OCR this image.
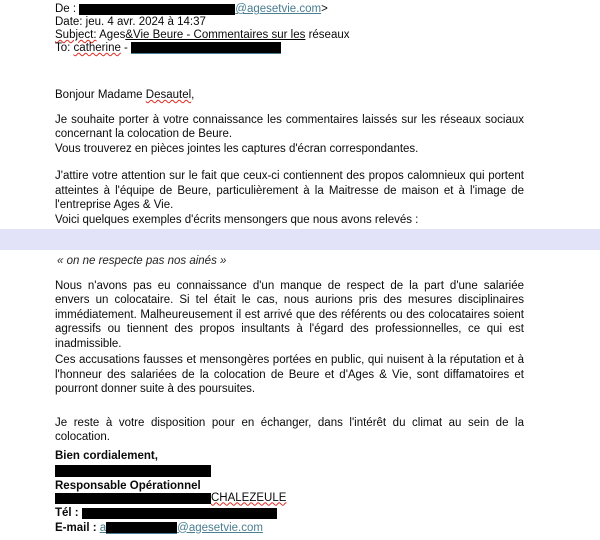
De :	@agesetvie.com>
Date: jeu. 4 avr. 2024 à 14:37
Subject: Ages&Vie Beure - Commentaires sur les réseaux
To: catherine -
Bonjour Madame Desautel,
Je souhaite porter à votre connaissance les commentaires laissés sur les réseaux sociaux concernant la colocation de Beure.
Vous trouverez en pièces jointes les captures d'écran correspondantes.
J'attire votre attention sur le fait que ceux-ci contiennent des propos calomnieux qui portent atteintes à l'équipe de Beure, particulièrement à la Maitresse de maison et à l'image de l'entreprise Ages & Vie.
Voici quelques exemples d'écrits mensongers que nous avons relevés :
« on ne respecte pas nos ainés »
Nous n'avons pas eu connaissance d'un manque de respect de la part d'une salariée envers un colocataire. Si tel était le cas, nous aurions pris des mesures disciplinaires immédiatement. Malheureusement il est arrivé que des référents ou des colocataires soient agressifs ou tiennent des propos insultants à l'égard des professionnelles, ce qui est inadmissible.
Ces accusations fausses et mensongères portées en public, qui nuisent à la réputation et à l'honneur des salariées de la colocation de Beure et d'Ages & Vie, sont diffamatoires et pourront donner suite à des poursuites.
Je reste à votre disposition pour en échanger, dans l'intérêt du climat au sein de la colocation.
Bien cordialement,
Responsable Opérationnel
CHALEZEULE
Tél :
E-mail : a	@agesetvie.com
